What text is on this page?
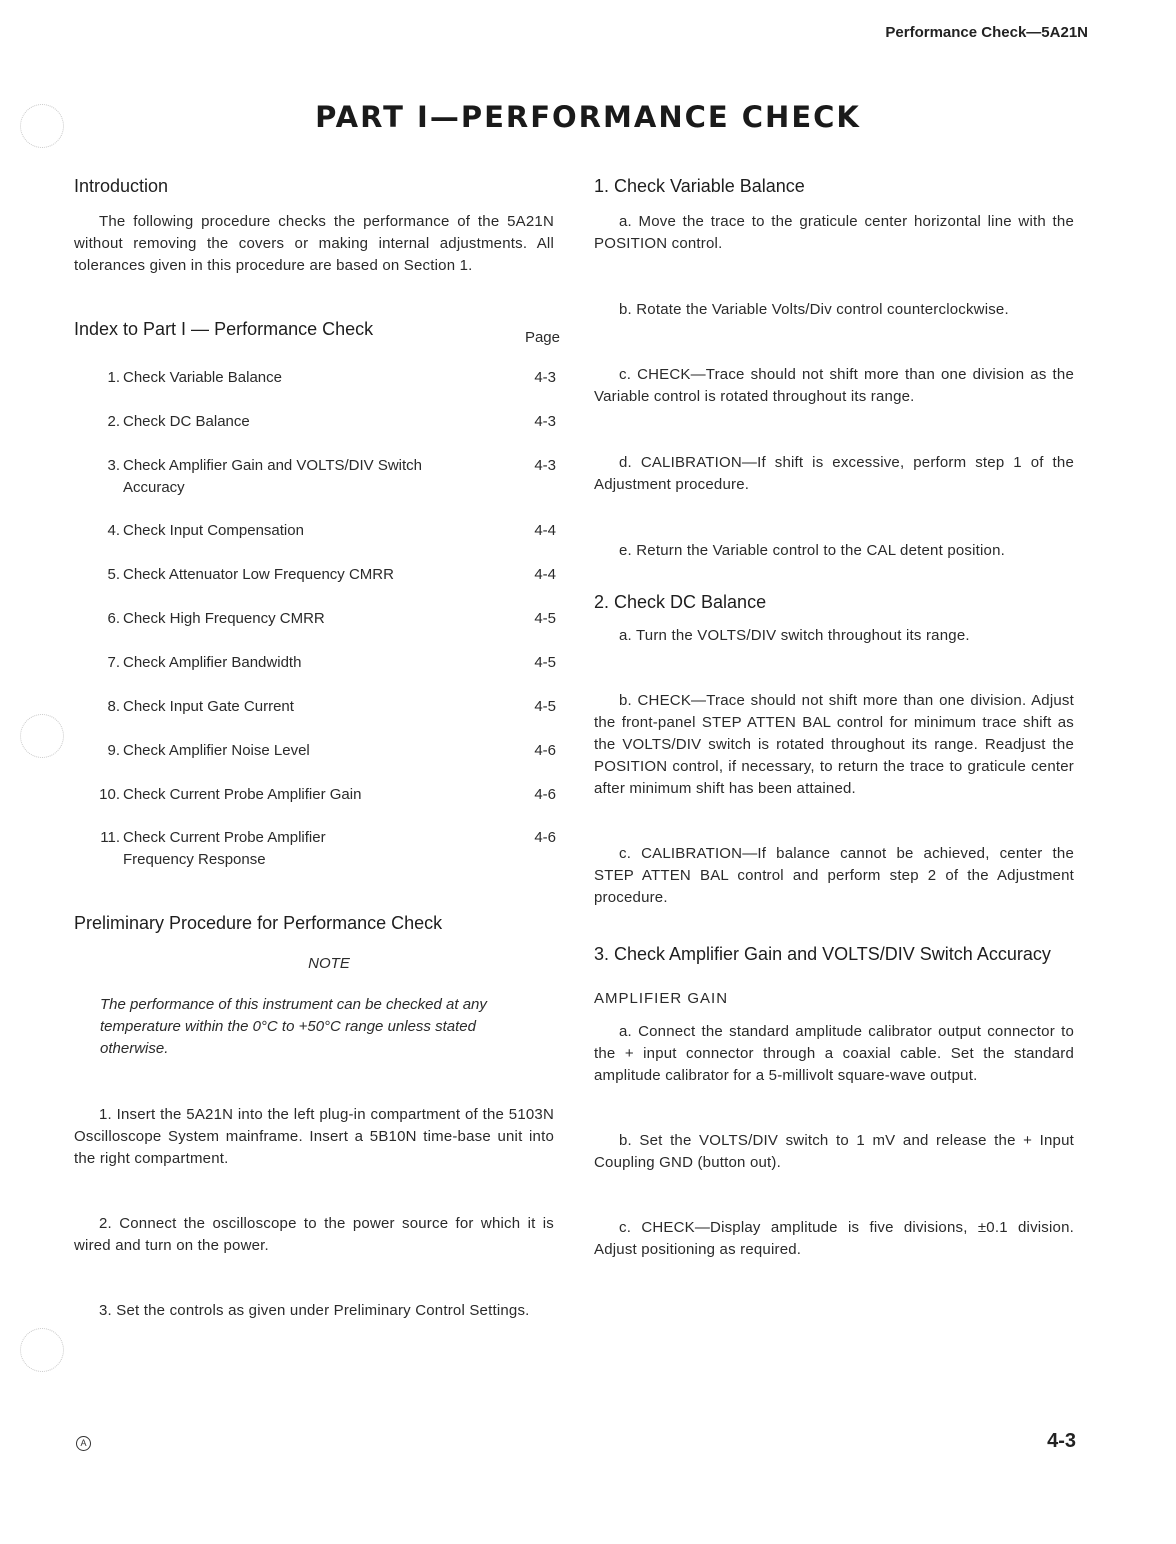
Performance Check—5A21N
PART I—PERFORMANCE CHECK
Introduction

The following procedure checks the performance of the 5A21N without removing the covers or making internal adjustments. All tolerances given in this procedure are based on Section 1.

Index to Part I — Performance Check	Page
1. Check Variable Balance	4-3
2. Check DC Balance	4-3
3. Check Amplifier Gain and VOLTS/DIV Switch Accuracy
4-3
4. Check Input Compensation	4-4
5. Check Attenuator Low Frequency CMRR	4-4
6. Check High Frequency CMRR	4-5
7. Check Amplifier Bandwidth	4-5
8. Check Input Gate Current	4-5
9. Check Amplifier Noise Level	4-6
10. Check Current Probe Amplifier Gain	4-6
11. Check Current Probe Amplifier Frequency Response
4-6
Preliminary Procedure for Performance Check
NOTE
The performance of this instrument can be checked at any temperature within the 0°C to +50°C range unless stated otherwise.

1. Insert the 5A21N into the left plug-in compartment of the 5103N Oscilloscope System mainframe. Insert a 5B10N time-base unit into the right compartment.

2. Connect the oscilloscope to the power source for which it is wired and turn on the power.

3. Set the controls as given under Preliminary Control Settings.

1. Check Variable Balance

a. Move the trace to the graticule center horizontal line with the POSITION control.

b. Rotate the Variable Volts/Div control counterclockwise.

c. CHECK—Trace should not shift more than one division as the Variable control is rotated throughout its range.

d. CALIBRATION—If shift is excessive, perform step 1 of the Adjustment procedure.

e. Return the Variable control to the CAL detent position.

2. Check DC Balance

a. Turn the VOLTS/DIV switch throughout its range.

b. CHECK—Trace should not shift more than one division. Adjust the front-panel STEP ATTEN BAL control for minimum trace shift as the VOLTS/DIV switch is rotated throughout its range. Readjust the POSITION control, if necessary, to return the trace to graticule center after minimum shift has been attained.

c. CALIBRATION—If balance cannot be achieved, center the STEP ATTEN BAL control and perform step 2 of the Adjustment procedure.

3. Check Amplifier Gain and VOLTS/DIV Switch Accuracy
AMPLIFIER GAIN

a. Connect the standard amplitude calibrator output connector to the + input connector through a coaxial cable. Set the standard amplitude calibrator for a 5-millivolt square-wave output.

b. Set the VOLTS/DIV switch to 1 mV and release the + Input Coupling GND (button out).

c. CHECK—Display amplitude is five divisions, ±0.1 division. Adjust positioning as required.

A	4-3
